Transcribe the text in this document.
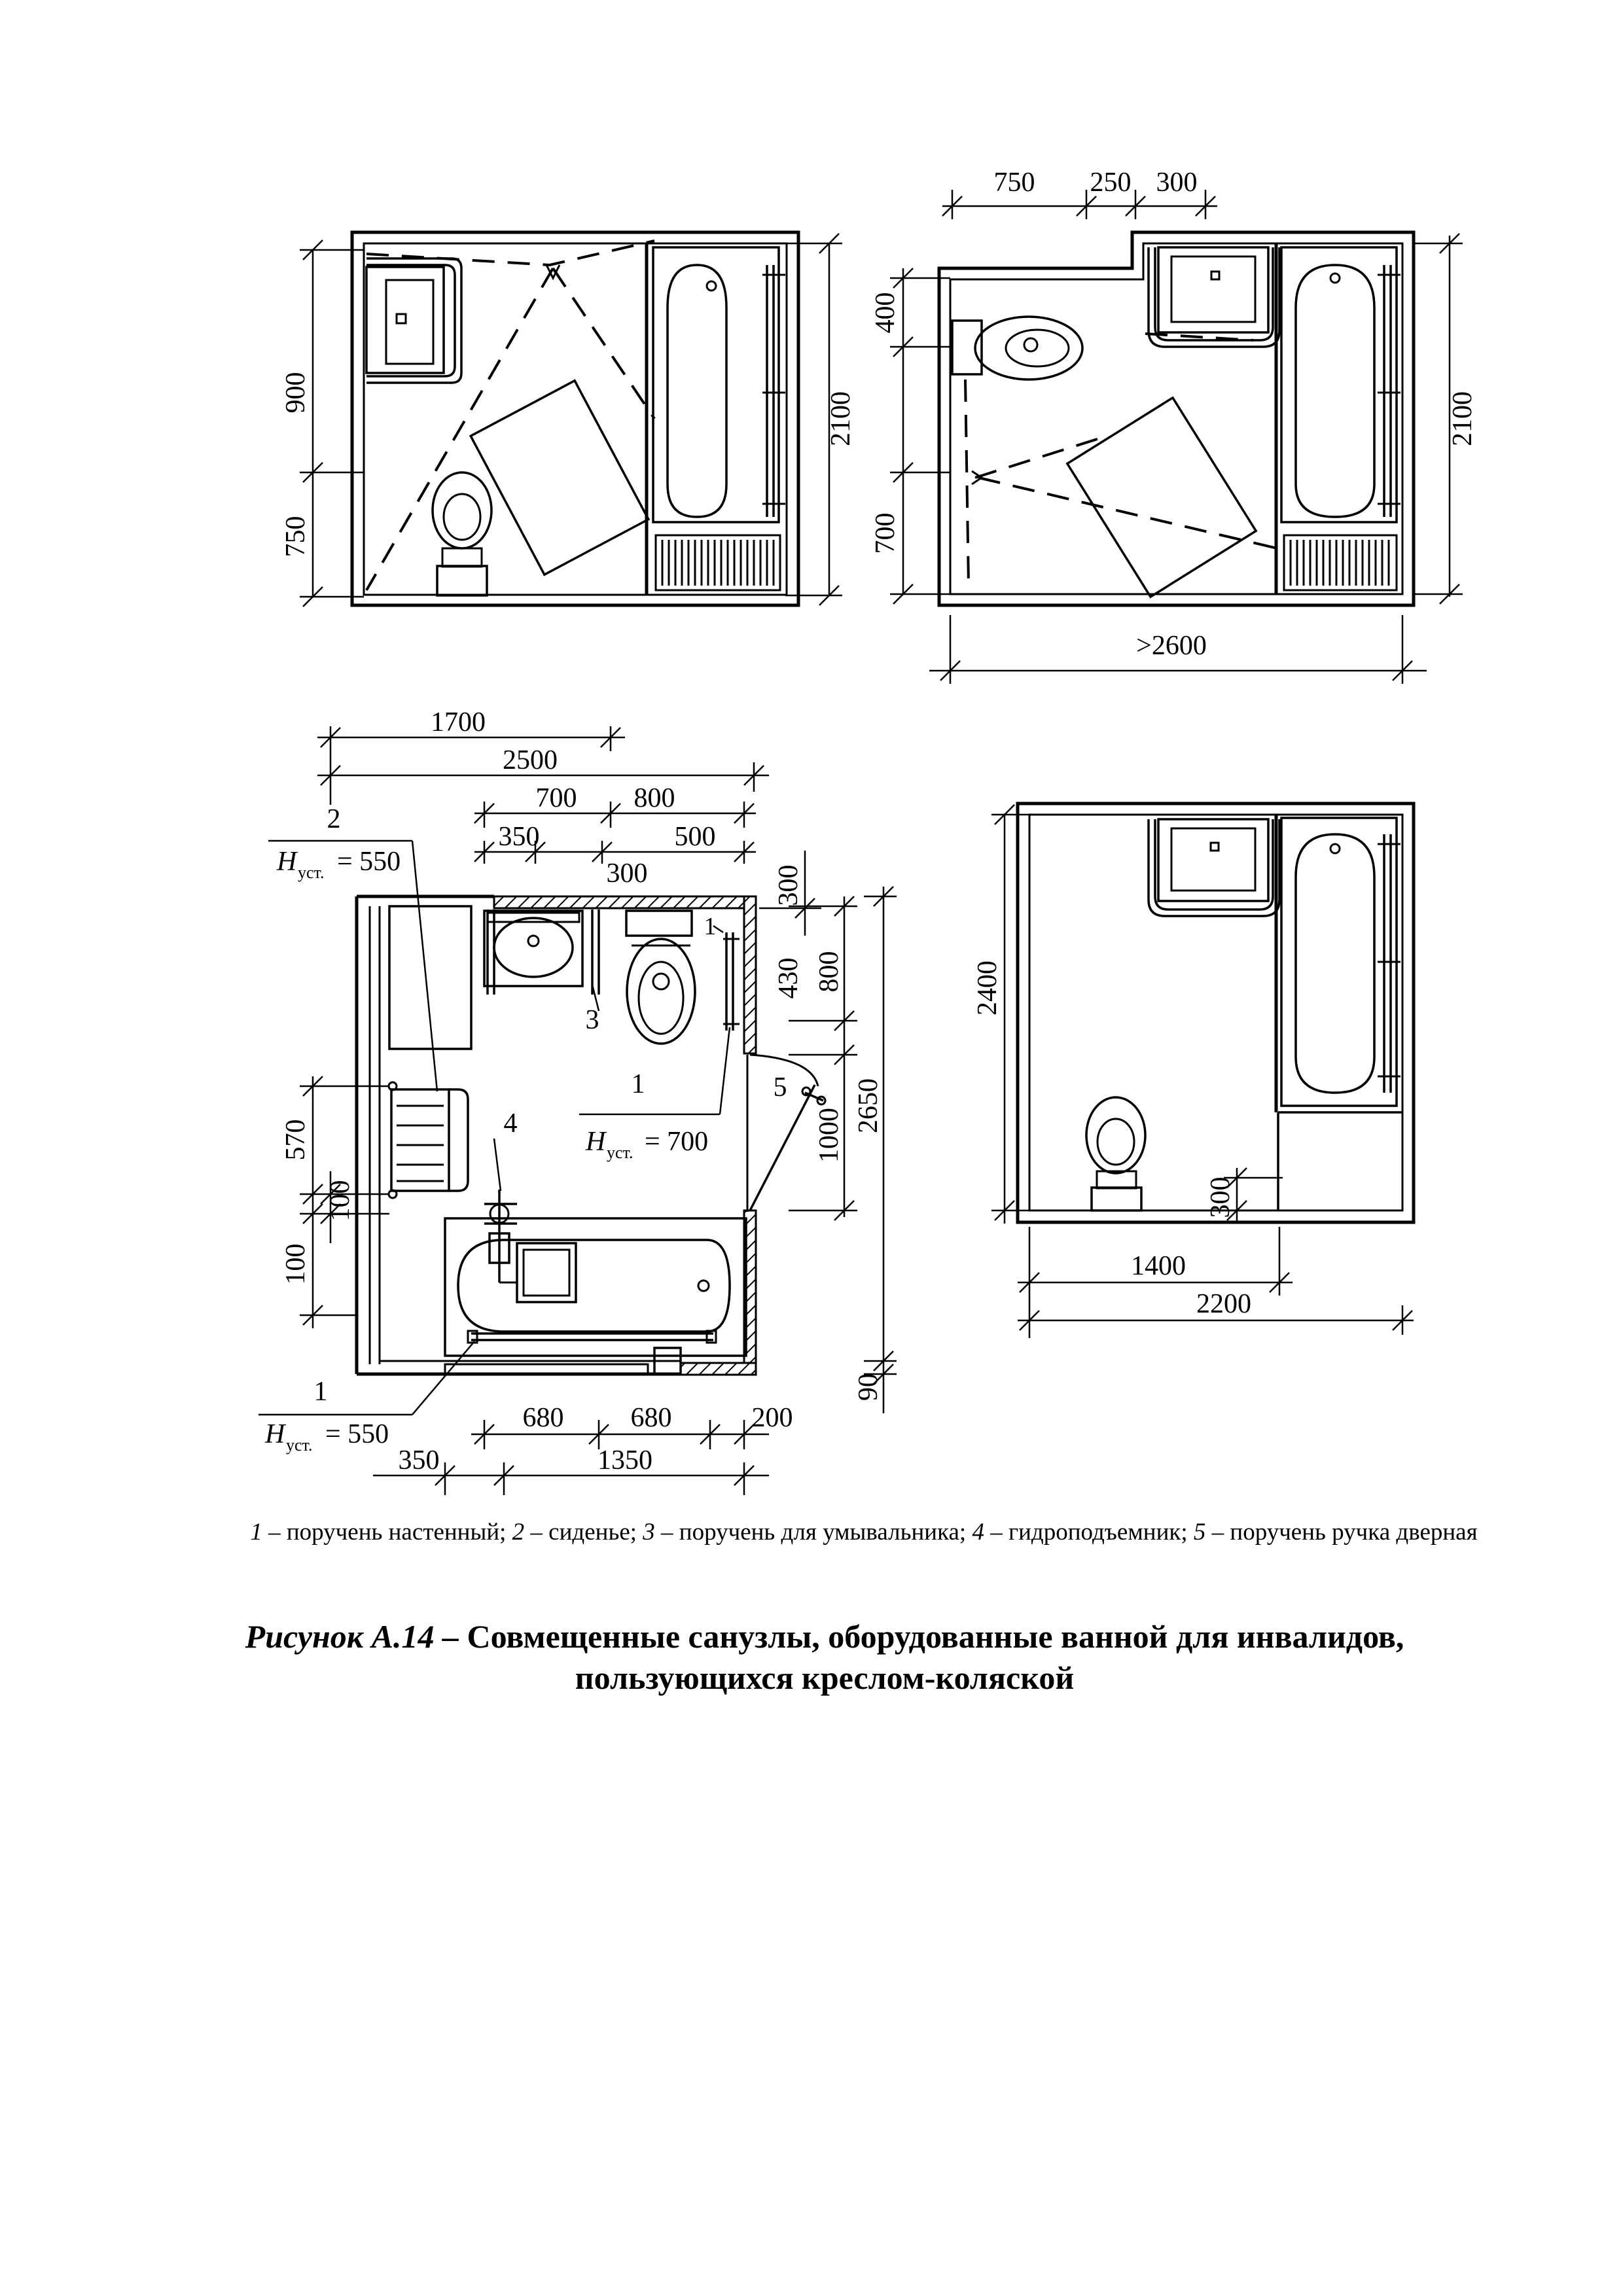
900
750
2100
750 250 300
400
700
2100
>2600
2
H уст. = 550
1
1
H уст. = 700
3
4
5
1
H уст. = 550
1700
2500
700 800
350	500
300	300
430 800
1000
2650
570
100
100
90
680 680	200
350	1350
2400
300
1400
2200
1 – поручень настенный; 2 – сиденье; 3 – поручень для умывальника; 4 – гидроподъемник; 5 – поручень ручка дверная
Рисунок А.14 – Совмещенные санузлы, оборудованные ванной для инвалидов, пользующихся креслом-коляской
